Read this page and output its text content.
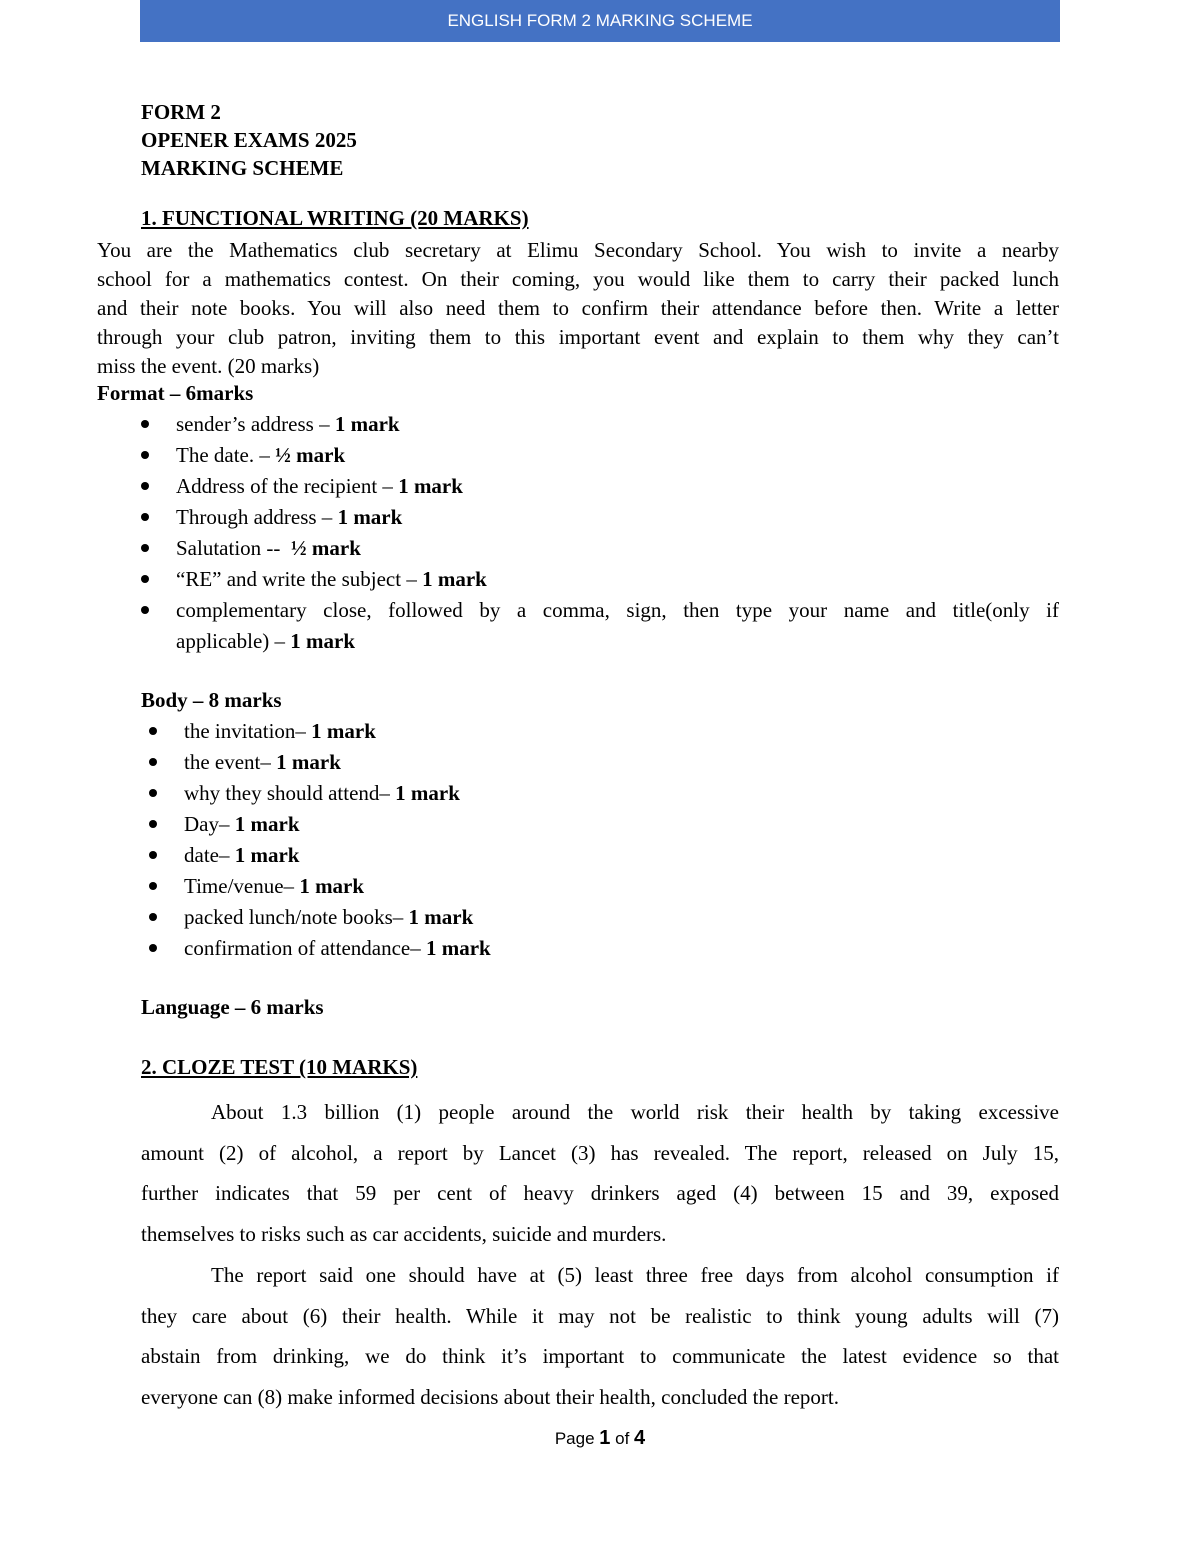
ENGLISH FORM 2 MARKING SCHEME
FORM 2
OPENER EXAMS 2025
MARKING SCHEME
1. FUNCTIONAL WRITING (20 MARKS)
You are the Mathematics club secretary at Elimu Secondary School. You wish to invite a nearby
school for a mathematics contest. On their coming, you would like them to carry their packed lunch
and their note books. You will also need them to confirm their attendance before then. Write a letter
through your club patron, inviting them to this important event and explain to them why they can’t
miss the event. (20 marks)
Format – 6marks
sender’s address – 1 mark
The date. – ½ mark
Address of the recipient – 1 mark
Through address – 1 mark
Salutation --  ½ mark
“RE” and write the subject – 1 mark
complementary close, followed by a comma, sign, then type your name and title(only if
applicable) – 1 mark
Body – 8 marks
the invitation– 1 mark
the event– 1 mark
why they should attend– 1 mark
Day– 1 mark
date– 1 mark
Time/venue– 1 mark
packed lunch/note books– 1 mark
confirmation of attendance– 1 mark
Language – 6 marks
2. CLOZE TEST (10 MARKS)
About 1.3 billion (1) people around the world risk their health by taking excessive
amount (2) of alcohol, a report by Lancet (3) has revealed. The report, released on July 15,
further indicates that 59 per cent of heavy drinkers aged (4) between 15 and 39, exposed
themselves to risks such as car accidents, suicide and murders.
The report said one should have at (5) least three free days from alcohol consumption if
they care about (6) their health. While it may not be realistic to think young adults will (7)
abstain from drinking, we do think it’s important to communicate the latest evidence so that
everyone can (8) make informed decisions about their health, concluded the report.
Page 1 of 4
